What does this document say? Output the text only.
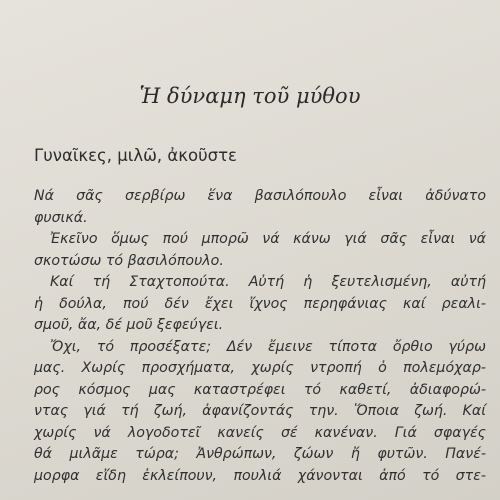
Ἡ δύναμη τοῦ μύθου
Γυναῖκες, μιλῶ, ἀκοῦστε
Νά σᾶς σερβίρω ἕνα βασιλόπουλο εἶναι ἀδύνατο
φυσικά.
Ἐκεῖνο ὅμως πού μπορῶ νά κάνω γιά σᾶς εἶναι νά
σκοτώσω τό βασιλόπουλο.
Καί τή Σταχτοπούτα. Αὐτή ἡ ξευτελισμένη, αὐτή
ἡ δούλα, πού δέν ἔχει ἴχνος περηφάνιας καί ρεαλι-
σμοῦ, ἄα, δέ μοῦ ξεφεύγει.
Ὄχι, τό προσέξατε; Δέν ἔμεινε τίποτα ὄρθιο γύρω
μας. Χωρίς προσχήματα, χωρίς ντροπή ὁ πολεμόχαρ-
ρος κόσμος μας καταστρέφει τό καθετί, ἀδιαφορώ-
ντας γιά τή ζωή, ἀφανίζοντάς την. Ὅποια ζωή. Καί
χωρίς νά λογοδοτεῖ κανείς σέ κανέναν. Γιά σφαγές
θά μιλᾶμε τώρα; Ἀνθρώπων, ζώων ἤ φυτῶν. Πανέ-
μορφα εἴδη ἐκλείπουν, πουλιά χάνονται ἀπό τό στε-
